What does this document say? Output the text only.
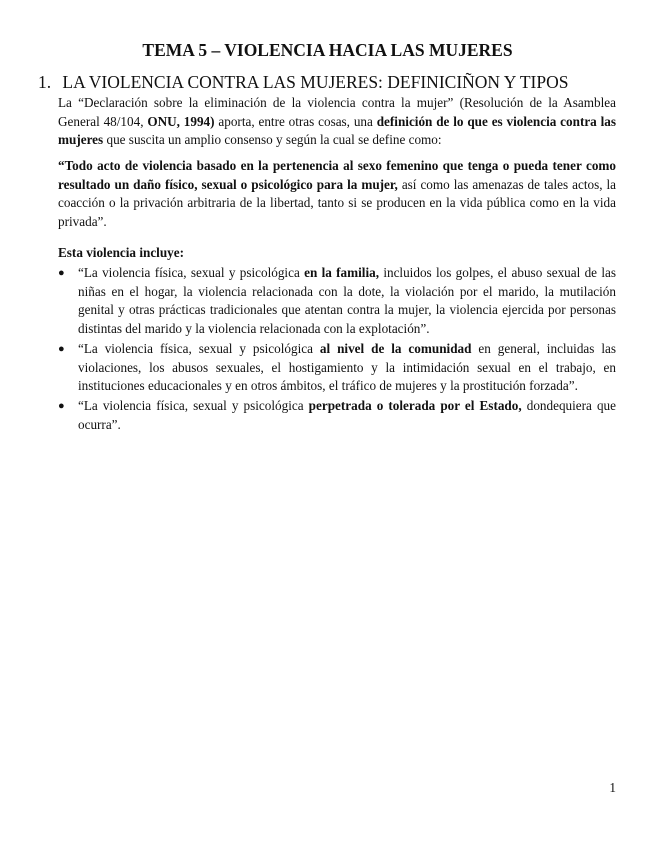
TEMA 5 – VIOLENCIA HACIA LAS MUJERES
1. LA VIOLENCIA CONTRA LAS MUJERES: DEFINICIÑON Y TIPOS

La “Declaración sobre la eliminación de la violencia contra la mujer” (Resolución de la Asamblea General 48/104, ONU, 1994) aporta, entre otras cosas, una definición de lo que es violencia contra las mujeres que suscita un amplio consenso y según la cual se define como:

“Todo acto de violencia basado en la pertenencia al sexo femenino que tenga o pueda tener como resultado un daño físico, sexual o psicológico para la mujer, así como las amenazas de tales actos, la coacción o la privación arbitraria de la libertad, tanto si se producen en la vida pública como en la vida privada”.

Esta violencia incluye:
● “La violencia física, sexual y psicológica en la familia, incluidos los golpes, el abuso sexual de las niñas en el hogar, la violencia relacionada con la dote, la violación por el marido, la mutilación genital y otras prácticas tradicionales que atentan contra la mujer, la violencia ejercida por personas distintas del marido y la violencia relacionada con la explotación”.
● “La violencia física, sexual y psicológica al nivel de la comunidad en general, incluidas las violaciones, los abusos sexuales, el hostigamiento y la intimidación sexual en el trabajo, en instituciones educacionales y en otros ámbitos, el tráfico de mujeres y la prostitución forzada”.
● “La violencia física, sexual y psicológica perpetrada o tolerada por el Estado, dondequiera que ocurra”.
1
